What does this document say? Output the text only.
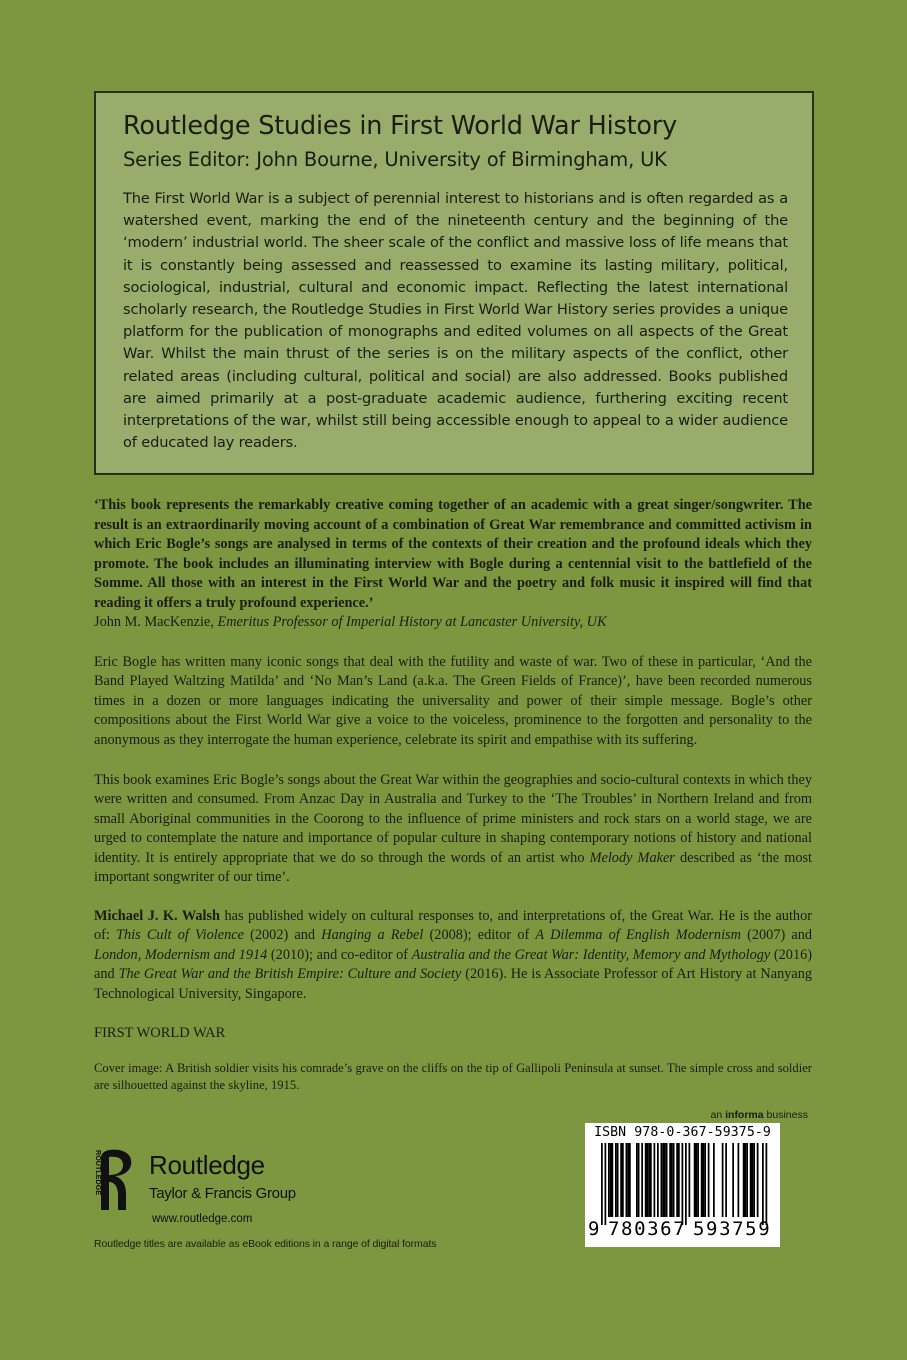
Routledge Studies in First World War History

Series Editor: John Bourne, University of Birmingham, UK

The First World War is a subject of perennial interest to historians and is often regarded as a watershed event, marking the end of the nineteenth century and the beginning of the ‘modern’ industrial world. The sheer scale of the conflict and massive loss of life means that it is constantly being assessed and reassessed to examine its lasting military, political, sociological, industrial, cultural and economic impact. Reflecting the latest international scholarly research, the Routledge Studies in First World War History series provides a unique platform for the publication of monographs and edited volumes on all aspects of the Great War. Whilst the main thrust of the series is on the military aspects of the conflict, other related areas (including cultural, political and social) are also addressed. Books published are aimed primarily at a post-graduate academic audience, furthering exciting recent interpretations of the war, whilst still being accessible enough to appeal to a wider audience of educated lay readers.

‘This book represents the remarkably creative coming together of an academic with a great singer/songwriter. The result is an extraordinarily moving account of a combination of Great War remembrance and committed activism in which Eric Bogle’s songs are analysed in terms of the contexts of their creation and the profound ideals which they promote. The book includes an illuminating interview with Bogle during a centennial visit to the battlefield of the Somme. All those with an interest in the First World War and the poetry and folk music it inspired will find that reading it offers a truly profound experience.’

John M. MacKenzie, Emeritus Professor of Imperial History at Lancaster University, UK

Eric Bogle has written many iconic songs that deal with the futility and waste of war. Two of these in particular, ‘And the Band Played Waltzing Matilda’ and ‘No Man’s Land (a.k.a. The Green Fields of France)’, have been recorded numerous times in a dozen or more languages indicating the universality and power of their simple message. Bogle’s other compositions about the First World War give a voice to the voiceless, prominence to the forgotten and personality to the anonymous as they interrogate the human experience, celebrate its spirit and empathise with its suffering.

This book examines Eric Bogle’s songs about the Great War within the geographies and socio-cultural contexts in which they were written and consumed. From Anzac Day in Australia and Turkey to the ‘The Troubles’ in Northern Ireland and from small Aboriginal communities in the Coorong to the influence of prime ministers and rock stars on a world stage, we are urged to contemplate the nature and importance of popular culture in shaping contemporary notions of history and national identity. It is entirely appropriate that we do so through the words of an artist who Melody Maker described as ‘the most important songwriter of our time’.

Michael J. K. Walsh has published widely on cultural responses to, and interpretations of, the Great War. He is the author of: This Cult of Violence (2002) and Hanging a Rebel (2008); editor of A Dilemma of English Modernism (2007) and London, Modernism and 1914 (2010); and co-editor of Australia and the Great War: Identity, Memory and Mythology (2016) and The Great War and the British Empire: Culture and Society (2016). He is Associate Professor of Art History at Nanyang Technological University, Singapore.

FIRST WORLD WAR

Cover image: A British soldier visits his comrade’s grave on the cliffs on the tip of Gallipoli Peninsula at sunset. The simple cross and soldier are silhouetted against the skyline, 1915.

an informa business
ROUTLEDGE Routledge
Taylor & Francis Group
www.routledge.com
Routledge titles are available as eBook editions in a range of digital formats
ISBN 978-0-367-59375-9
9 780367 593759
